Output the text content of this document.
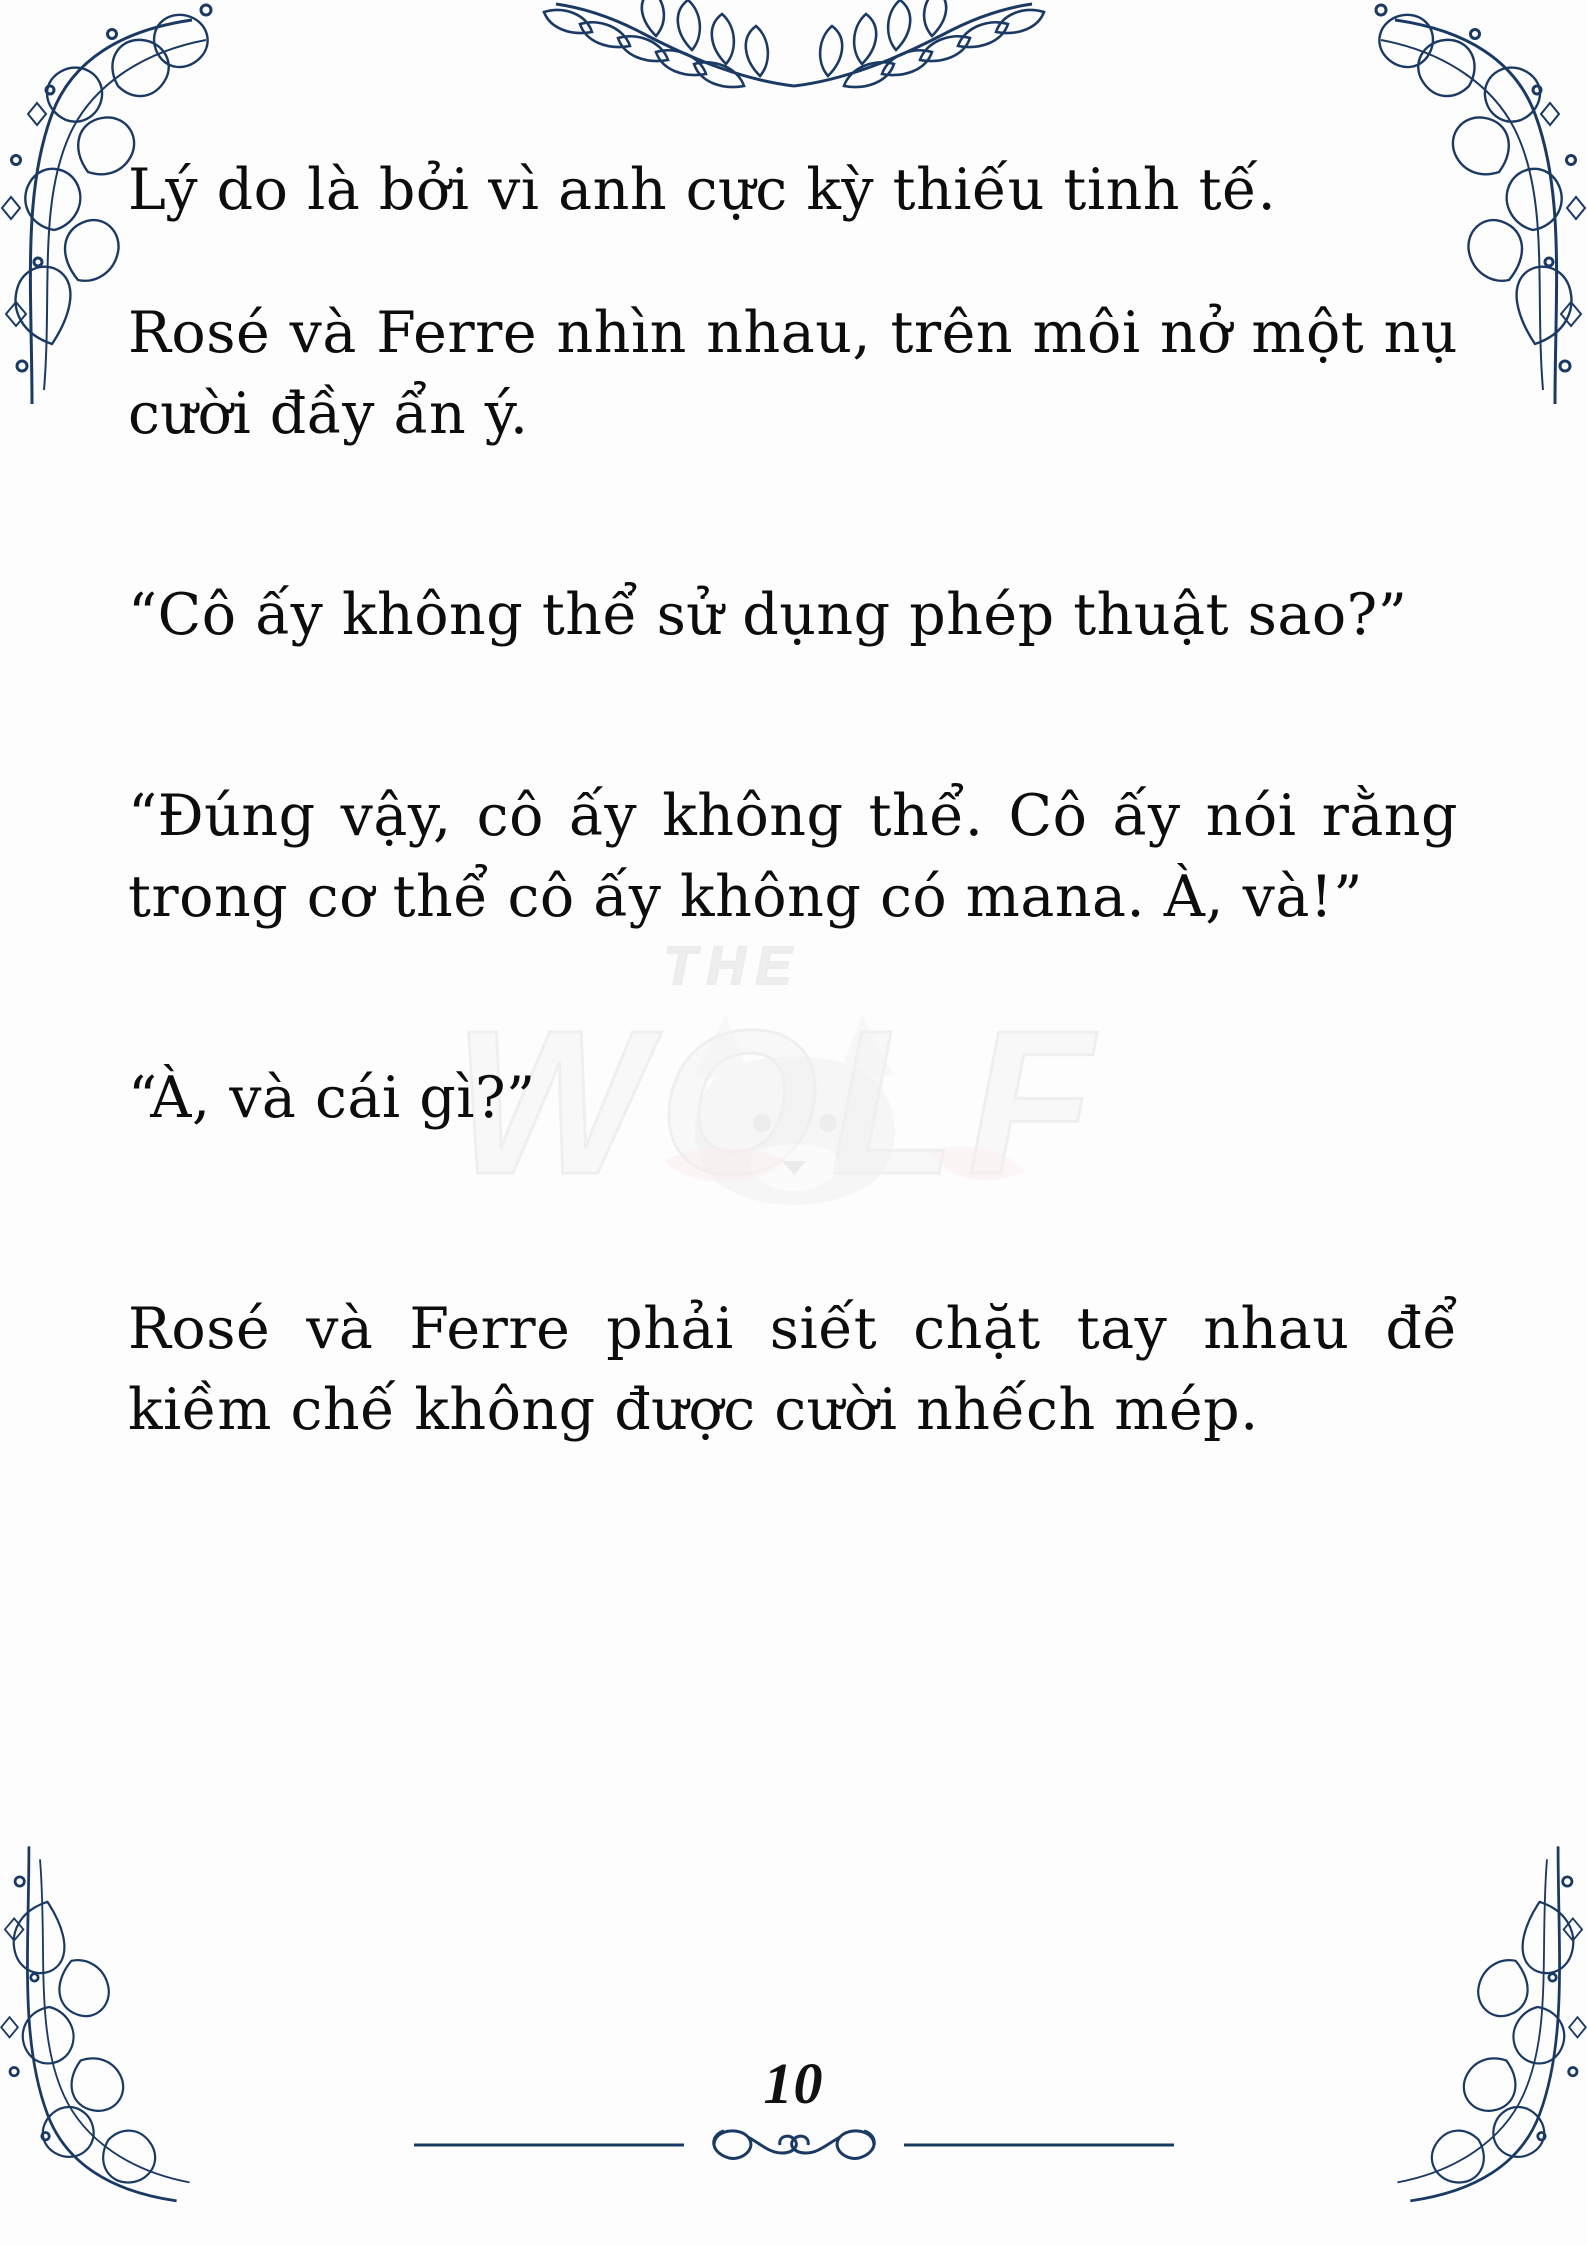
THE
WOLF

Lý do là bởi vì anh cực kỳ thiếu tinh tế.

Rosé và Ferre nhìn nhau, trên môi nở một nụ cười đầy ẩn ý.

“Cô ấy không thể sử dụng phép thuật sao?”

“Đúng vậy, cô ấy không thể. Cô ấy nói rằng trong cơ thể cô ấy không có mana. À, và!”

“À, và cái gì?”

Rosé và Ferre phải siết chặt tay nhau để kiềm chế không được cười nhếch mép.

10
